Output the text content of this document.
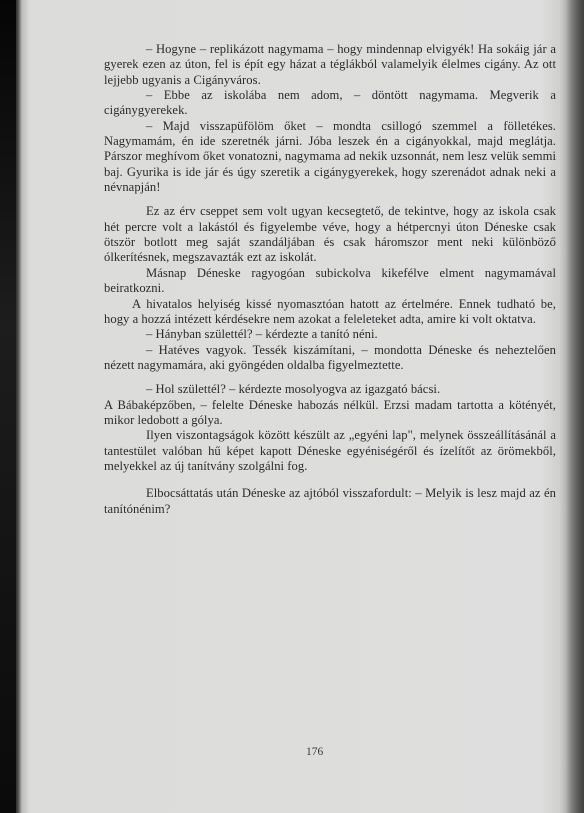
– Hogyne – replikázott nagymama – hogy mindennap elvigyék! Ha sokáig jár a gyerek ezen az úton, fel is épít egy házat a téglákból valamelyik élelmes cigány. Az ott lejjebb ugyanis a Cigányváros.

– Ebbe az iskolába nem adom, – döntött nagymama. Megverik a cigánygyerekek.

– Majd visszapüfölöm őket – mondta csillogó szemmel a fölletékes. Nagymamám, én ide szeretnék járni. Jóba leszek én a cigányokkal, majd meglátja. Párszor meghívom őket vonatozni, nagymama ad nekik uzsonnát, nem lesz velük semmi baj. Gyurika is ide jár és úgy szeretik a cigánygyerekek, hogy szerenádot adnak neki a névnapján!

Ez az érv cseppet sem volt ugyan kecsegtető, de tekintve, hogy az iskola csak hét percre volt a lakástól és figyelembe véve, hogy a hétpercnyi úton Déneske csak ötször botlott meg saját szandáljában és csak háromszor ment neki különböző ólkerítésnek, megszavazták ezt az iskolát.

Másnap Déneske ragyogóan subickolva kikefélve elment nagymamával beiratkozni.

A hivatalos helyiség kissé nyomasztóan hatott az értelmére. Ennek tudható be, hogy a hozzá intézett kérdésekre nem azokat a feleleteket adta, amire ki volt oktatva.

– Hányban születtél? – kérdezte a tanító néni.

– Hatéves vagyok. Tessék kiszámítani, – mondotta Déneske és neheztelően nézett nagymamára, aki gyöngéden oldalba figyelmeztette.

– Hol születtél? – kérdezte mosolyogva az igazgató bácsi.

A Bábaképzőben, – felelte Déneske habozás nélkül. Erzsi madam tartotta a kötényét, mikor ledobott a gólya.

Ilyen viszontagságok között készült az „egyéni lap", melynek összeállításánál a tantestület valóban hű képet kapott Déneske egyéniségéről és ízelítőt az örömekből, melyekkel az új tanítvány szolgálni fog.

Elbocsáttatás után Déneske az ajtóból visszafordult: – Melyik is lesz majd az én tanítónénim?

176
